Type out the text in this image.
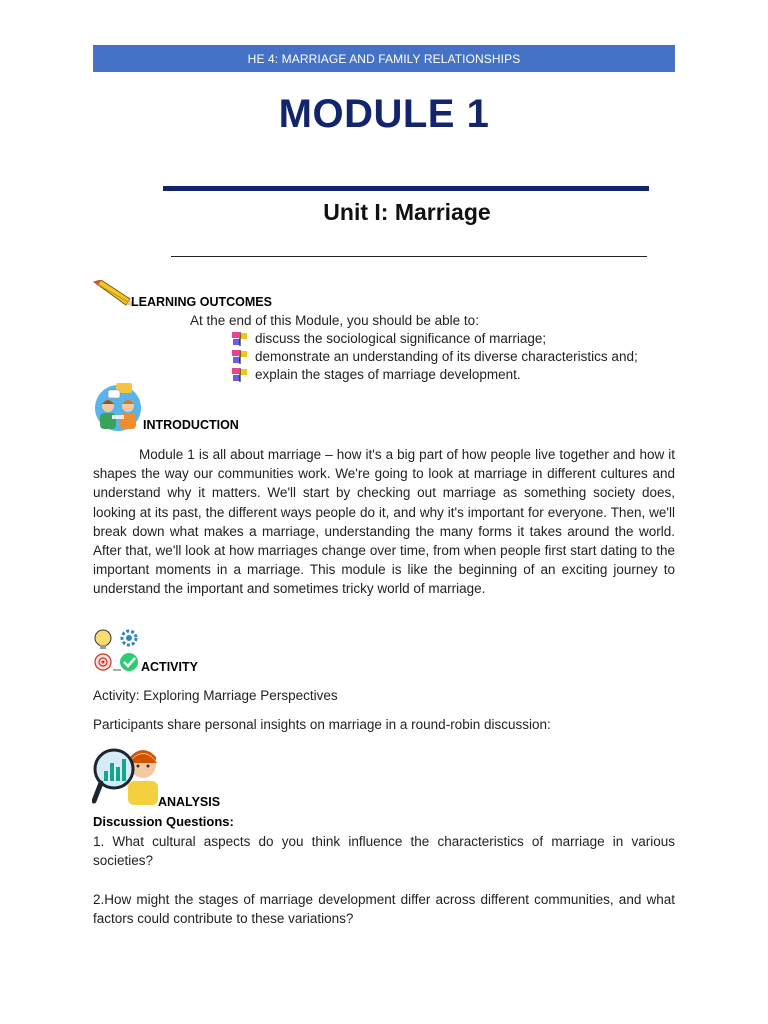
HE 4: MARRIAGE AND FAMILY RELATIONSHIPS
MODULE 1
Unit I: Marriage
LEARNING OUTCOMES
At the end of this Module, you should be able to:
discuss the sociological significance of marriage;
demonstrate an understanding of its diverse characteristics and;
explain the stages of marriage development.
INTRODUCTION

Module 1 is all about marriage – how it's a big part of how people live together and how it shapes the way our communities work. We're going to look at marriage in different cultures and understand why it matters. We'll start by checking out marriage as something society does, looking at its past, the different ways people do it, and why it's important for everyone. Then, we'll break down what makes a marriage, understanding the many forms it takes around the world. After that, we'll look at how marriages change over time, from when people first start dating to the important moments in a marriage. This module is like the beginning of an exciting journey to understand the important and sometimes tricky world of marriage.

ACTIVITY
Activity: Exploring Marriage Perspectives
Participants share personal insights on marriage in a round-robin discussion:
ANALYSIS
Discussion Questions:

1. What cultural aspects do you think influence the characteristics of marriage in various societies?

2.How might the stages of marriage development differ across different communities, and what factors could contribute to these variations?
